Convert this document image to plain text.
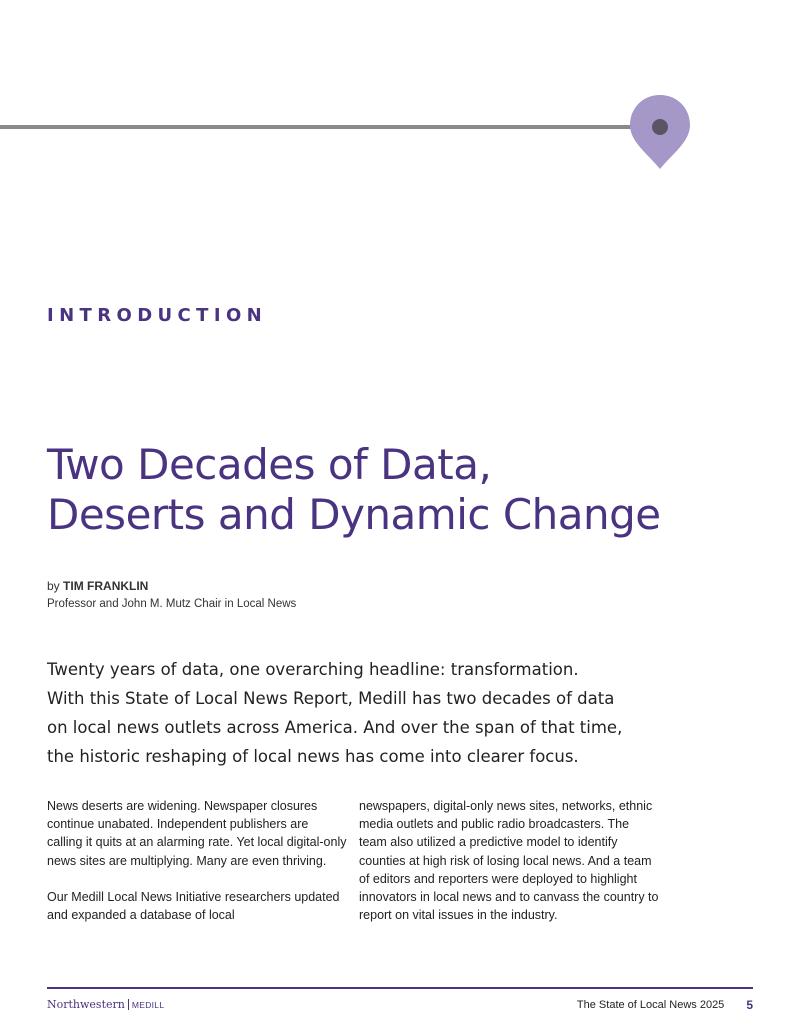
INTRODUCTION
Two Decades of Data,
Deserts and Dynamic Change
by TIM FRANKLIN
Professor and John M. Mutz Chair in Local News
Twenty years of data, one overarching headline: transformation.
With this State of Local News Report, Medill has two decades of data
on local news outlets across America. And over the span of that time,
the historic reshaping of local news has come into clearer focus.

News deserts are widening. Newspaper closures continue unabated. Independent publishers are calling it quits at an alarming rate. Yet local digital-only news sites are multiplying. Many are even thriving.

Our Medill Local News Initiative researchers updated and expanded a database of local

newspapers, digital-only news sites, networks, ethnic media outlets and public radio broadcasters. The team also utilized a predictive model to identify counties at high risk of losing local news. And a team of editors and reporters were deployed to highlight innovators in local news and to canvass the country to report on vital issues in the industry.

Northwestern MEDILL	The State of Local News
2025 5
